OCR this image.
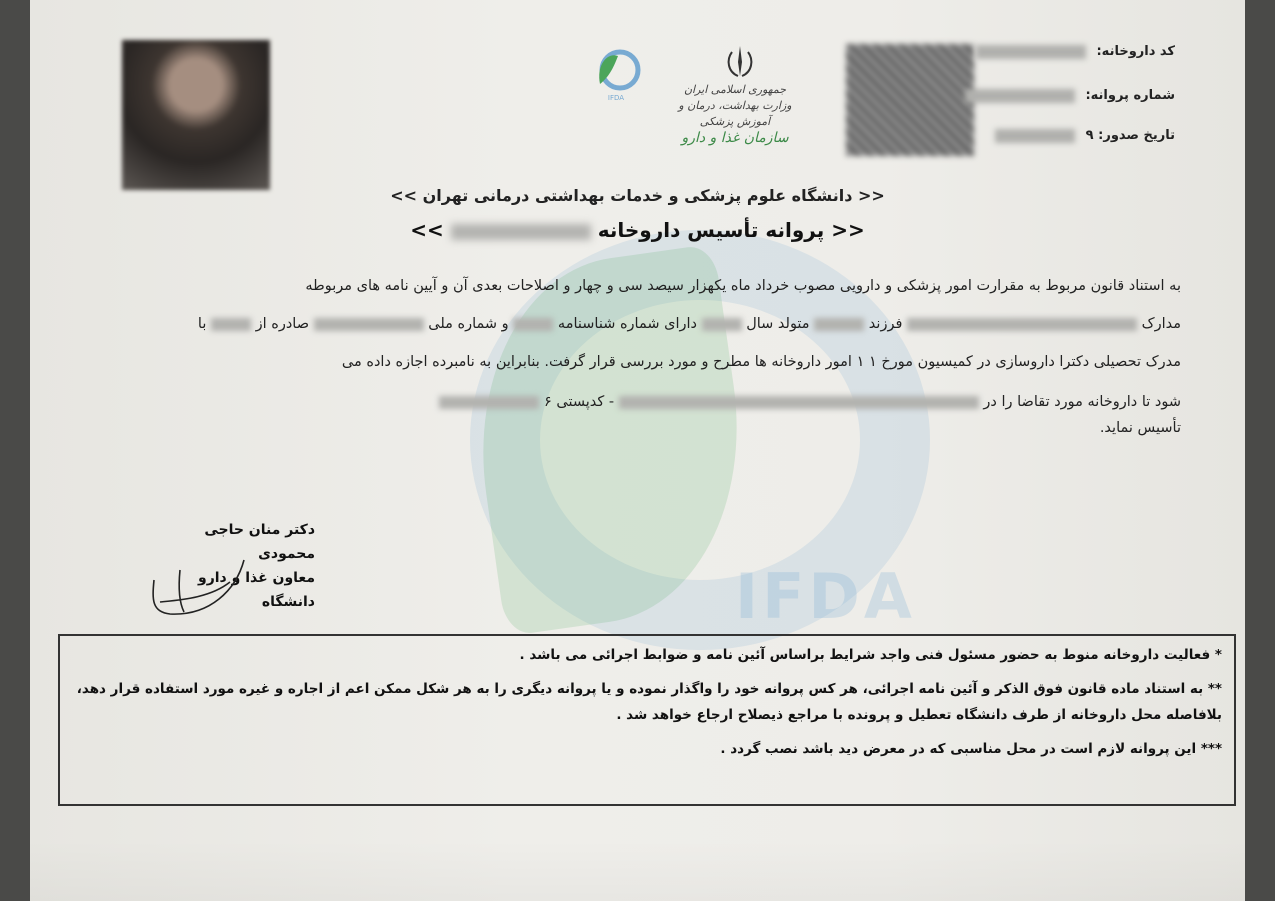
IFDA
IFDA
جمهوری اسلامی ایران
وزارت بهداشت، درمان و آموزش پزشکی
سازمان غذا و دارو
کد داروخانه:
شماره پروانه:
تاریخ صدور: ۹
<< دانشگاه علوم پزشکی و خدمات بهداشتی درمانی تهران >>
<< پروانه تأسیس داروخانه  >>
به استناد قانون مربوط به مقرارت امور پزشکی و دارویی مصوب خرداد ماه یکهزار سیصد سی و چهار و اصلاحات بعدی آن و آیین نامه های مربوطه
مدارک  فرزند  متولد سال  دارای شماره شناسنامه  و شماره ملی  صادره از  با
مدرک تحصیلی دکترا داروسازی در کمیسیون مورخ ۱ ۱ امور داروخانه ها مطرح و مورد بررسی قرار گرفت. بنابراین به نامبرده اجازه داده می
شود تا داروخانه مورد تقاضا را در  - کدپستی ۶
تأسیس نماید.
دکتر منان حاجی محمودی
معاون غذا و دارو دانشگاه

* فعالیت داروخانه منوط به حضور مسئول فنی واجد شرایط براساس آئین نامه و ضوابط اجرائی می باشد .

** به استناد ماده قانون فوق الذکر و آئین نامه اجرائی، هر کس پروانه خود را واگذار نموده و یا پروانه دیگری را به هر شکل ممکن اعم از اجاره و غیره مورد استفاده قرار دهد،

بلافاصله محل داروخانه از طرف دانشگاه تعطیل و پرونده با مراجع ذیصلاح ارجاع خواهد شد .

*** این پروانه لازم است در محل مناسبی که در معرض دید باشد نصب گردد .
